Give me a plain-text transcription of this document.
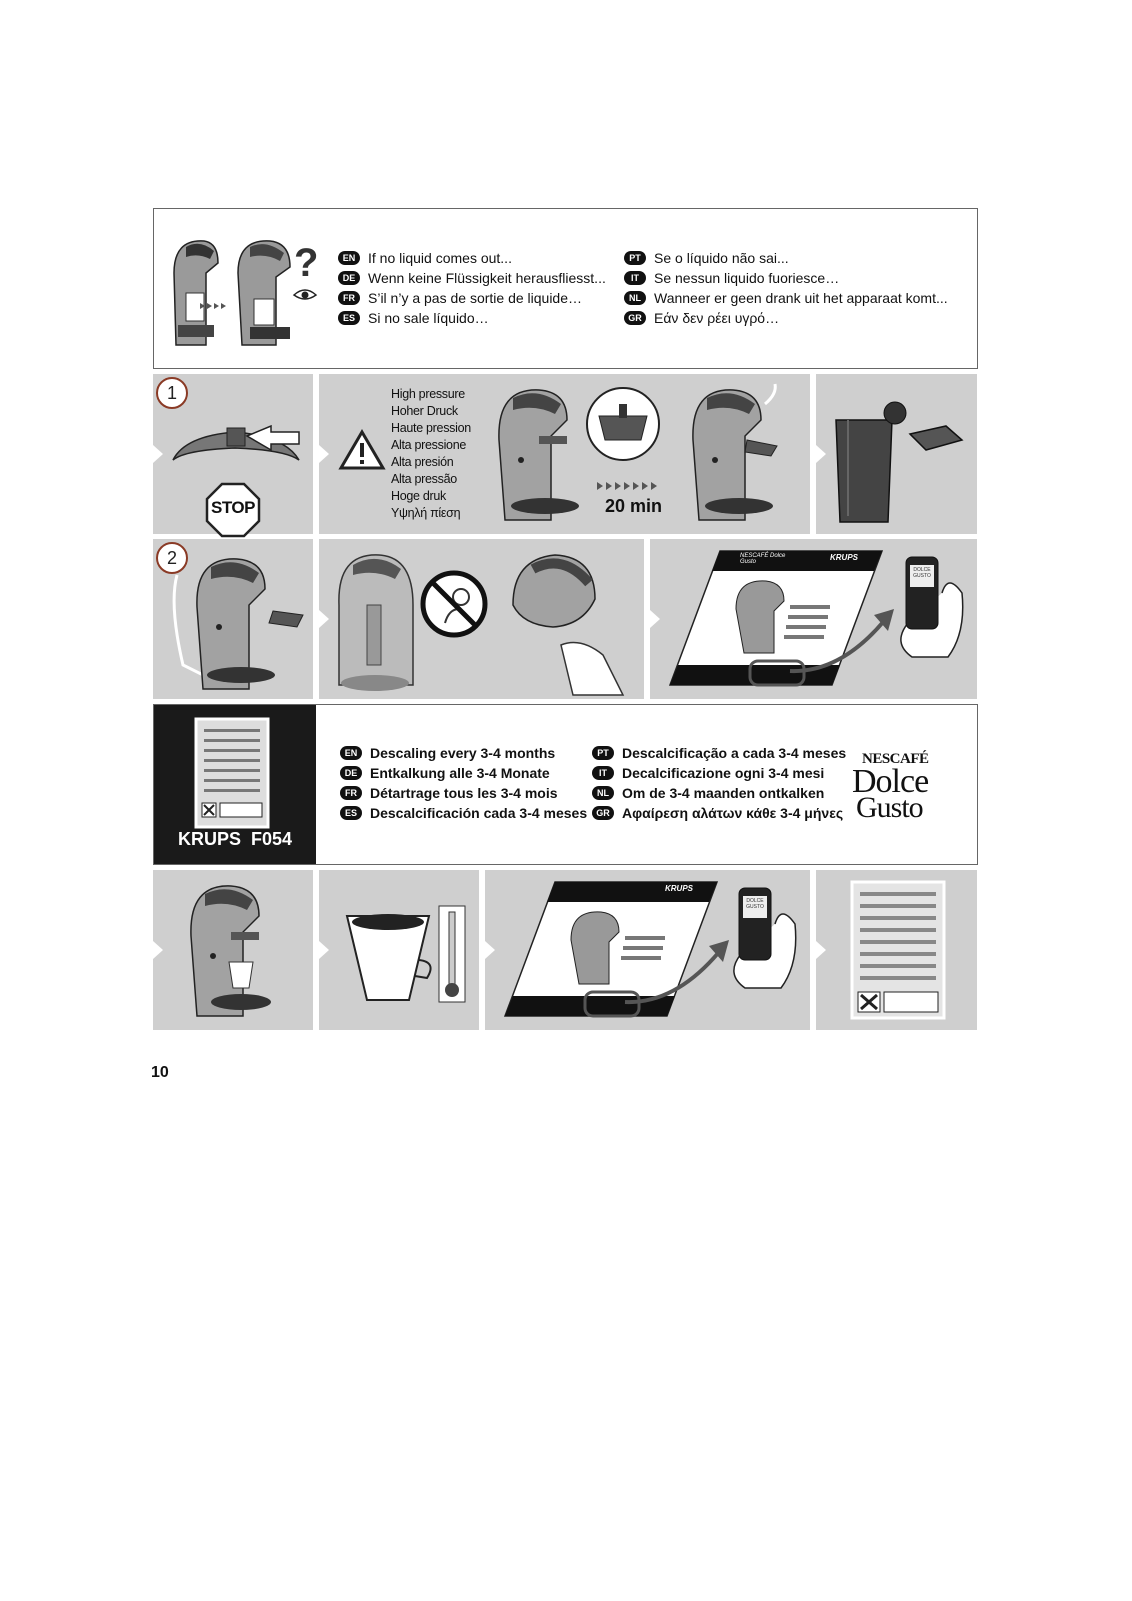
?	EN If no liquid comes out...
DE Wenn keine Flüssigkeit herausfliesst...
FR S’il n’y a pas de sortie de liquide…
ES Si no sale líquido…
PT Se o líquido não sai...
IT	Se nessun liquido fuoriesce…
NL Wanneer er geen drank uit het apparaat komt...
GR Εάν δεν ρέει υγρό…
1
STOP
High pressure
Hoher Druck
Haute pression
Alta pressione
Alta presión
Alta pressão
Hoge druk
Υψηλή πίεση	20 min
2	NESCAFÉ Dolce Gusto	KRUPS
DOLCE GUSTO
KRUPS  F054
EN Descaling every 3-4 months
DE Entkalkung alle 3-4 Monate
FR Détartrage tous les 3-4 mois
ES Descalcificación cada 3-4 meses
PT Descalcificação a cada 3-4 meses
IT	Decalcificazione ogni 3-4 mesi
NL Om de 3-4 maanden ontkalken
GR Αφαίρεση αλάτων κάθε 3-4 μήνες
NESCAFÉ
Dolce
Gusto
KRUPS
DOLCE GUSTO
10
